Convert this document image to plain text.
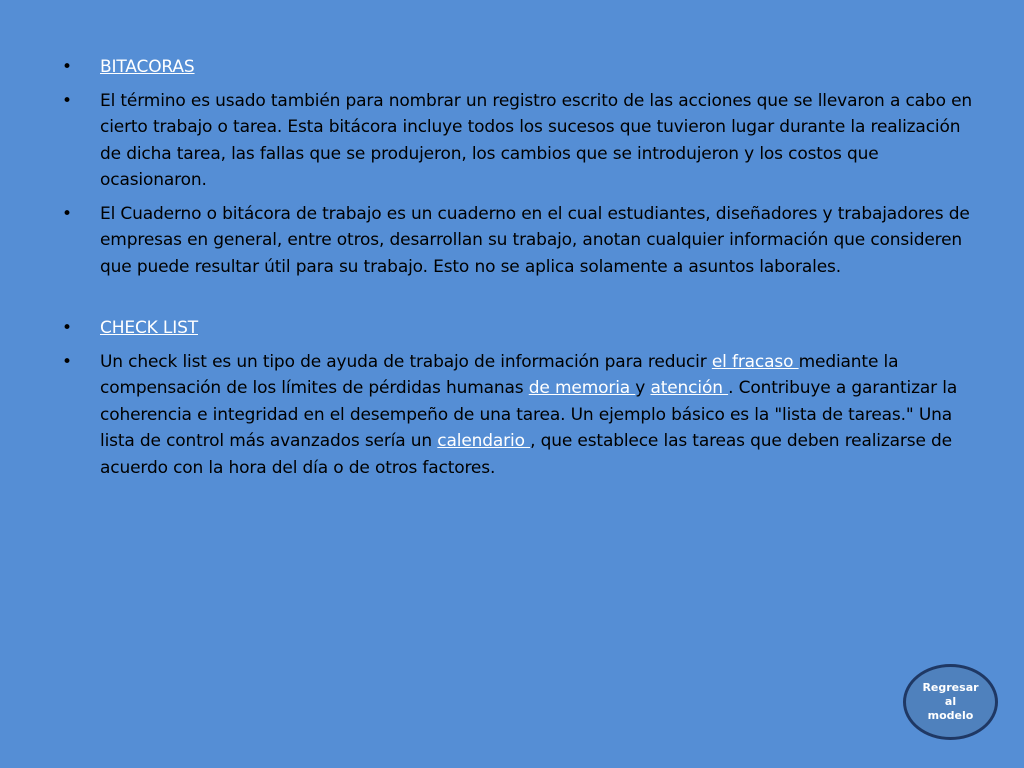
• BITACORAS
• El término es usado también para nombrar un registro escrito de las acciones que se llevaron a cabo en cierto trabajo o tarea. Esta bitácora incluye todos los sucesos que tuvieron lugar durante la realización de dicha tarea, las fallas que se produjeron, los cambios que se introdujeron y los costos que ocasionaron.
• El Cuaderno o bitácora de trabajo es un cuaderno en el cual estudiantes, diseñadores y trabajadores de empresas en general, entre otros, desarrollan su trabajo, anotan cualquier información que consideren que puede resultar útil para su trabajo. Esto no se aplica solamente a asuntos laborales.
• CHECK LIST
• Un check list es un tipo de ayuda de trabajo de información para reducir el fracaso mediante la compensación de los límites de pérdidas humanas de memoria y atención . Contribuye a garantizar la coherencia e integridad en el desempeño de una tarea. Un ejemplo básico es la "lista de tareas." Una lista de control más avanzados sería un calendario , que establece las tareas que deben realizarse de acuerdo con la hora del día o de otros factores.
Regresar al modelo
